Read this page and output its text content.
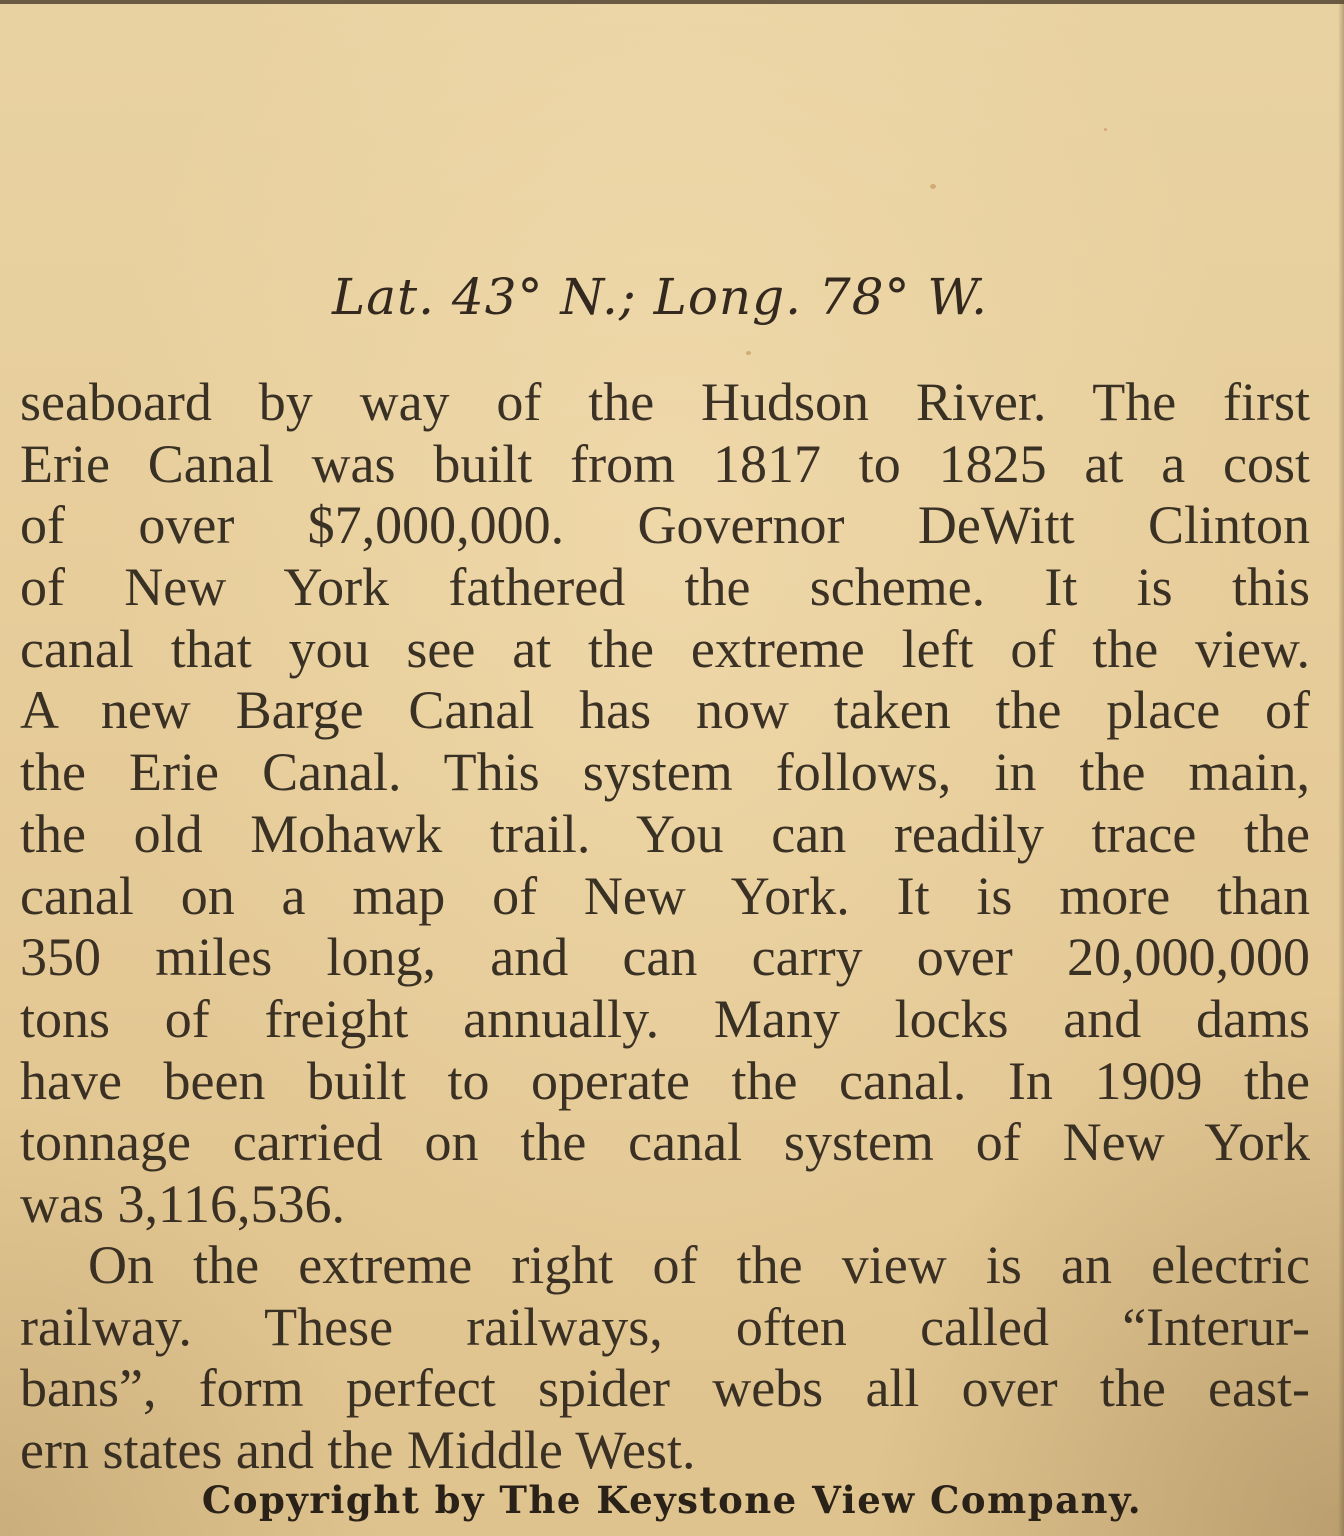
Lat. 43° N.; Long. 78° W.
seaboard by way of the Hudson River. The first
Erie Canal was built from 1817 to 1825 at a cost
of over $7,000,000. Governor DeWitt Clinton
of New York fathered the scheme. It is this
canal that you see at the extreme left of the view.
A new Barge Canal has now taken the place of
the Erie Canal. This system follows, in the main,
the old Mohawk trail. You can readily trace the
canal on a map of New York. It is more than
350 miles long, and can carry over 20,000,000
tons of freight annually. Many locks and dams
have been built to operate the canal. In 1909 the
tonnage carried on the canal system of New York
was 3,116,536.
On the extreme right of the view is an electric
railway. These railways, often called “Interur-
bans”, form perfect spider webs all over the east-
ern states and the Middle West.
Copyright by The Keystone View Company.
